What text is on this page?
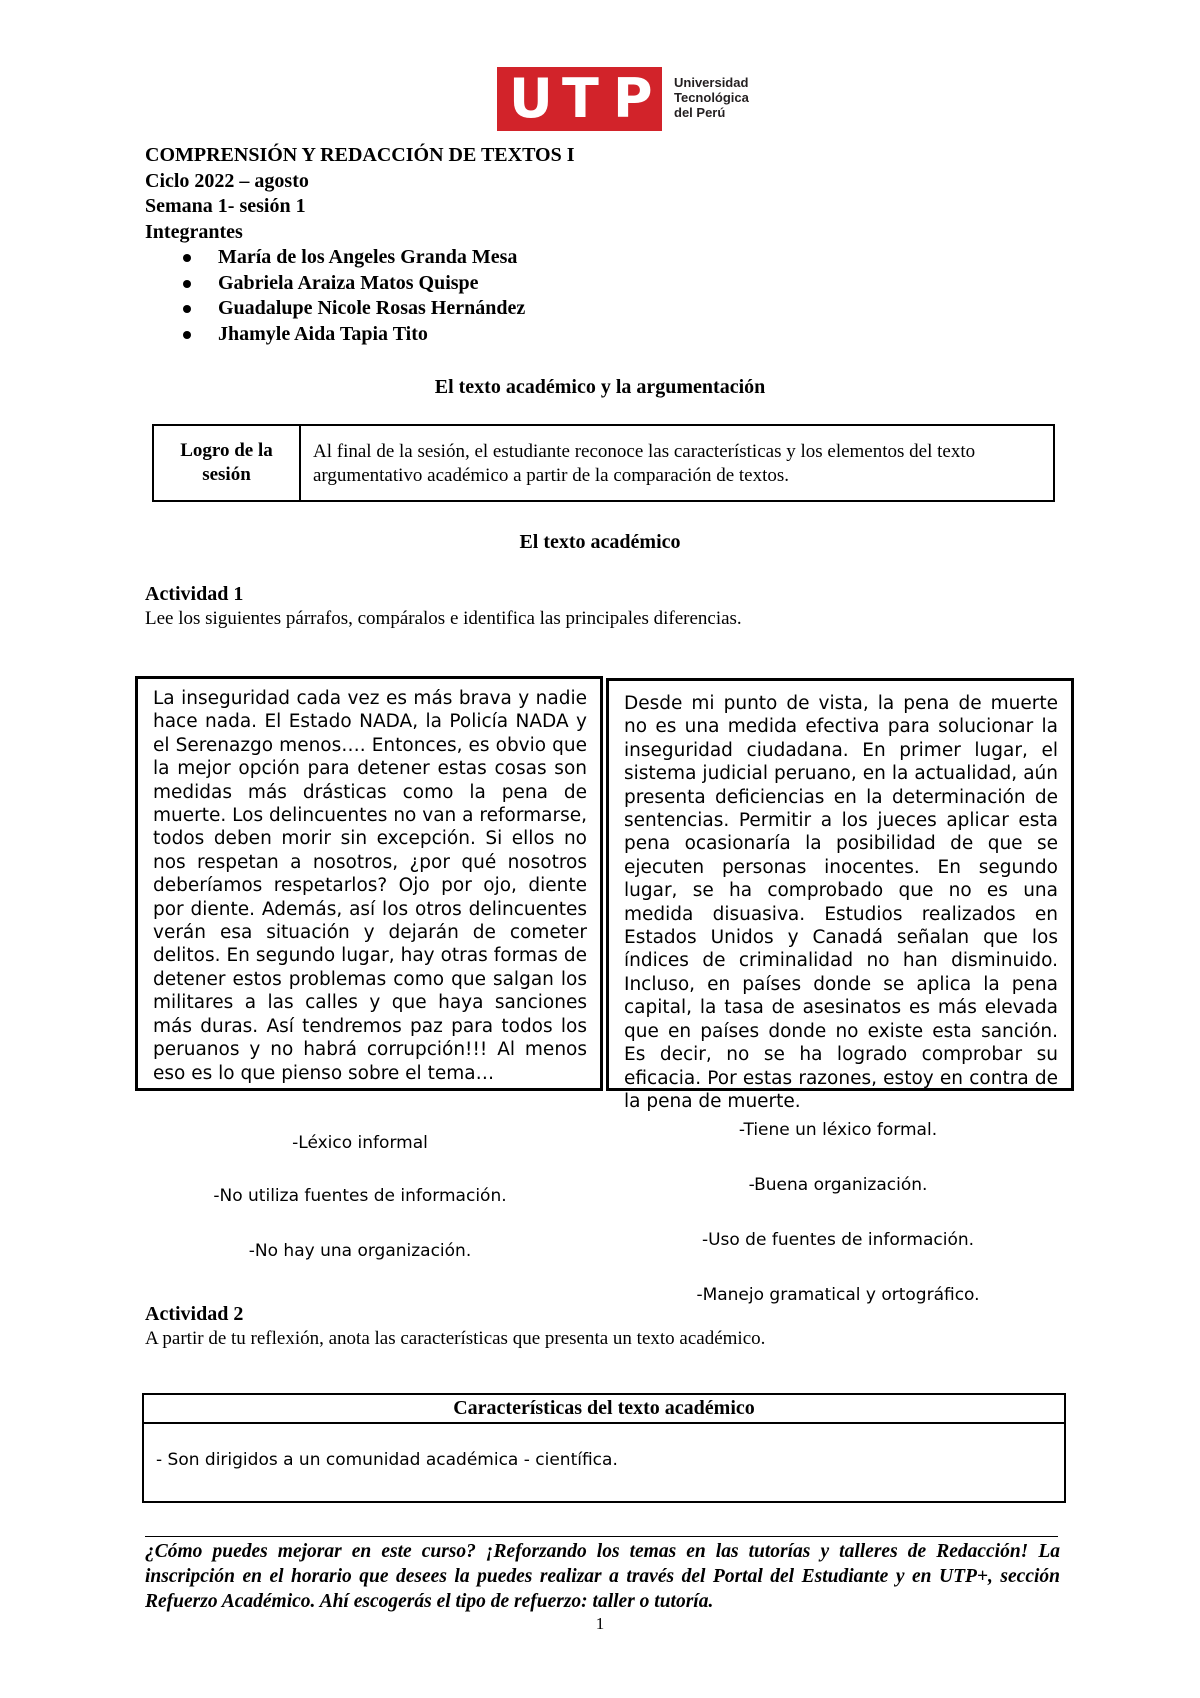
U T P Universidad
Tecnológica
del Perú
COMPRENSIÓN Y REDACCIÓN DE TEXTOS I
Ciclo 2022 – agosto
Semana 1- sesión 1
Integrantes
María de los Angeles Granda Mesa
Gabriela Araiza Matos Quispe
Guadalupe Nicole Rosas Hernández
Jhamyle Aida Tapia Tito
El texto académico y la argumentación
Logro de la sesión
Al final de la sesión, el estudiante reconoce las características y los elementos del texto argumentativo académico a partir de la comparación de textos.
El texto académico
Actividad 1
Lee los siguientes párrafos, compáralos e identifica las principales diferencias.
La inseguridad cada vez es más brava y nadie hace nada. El Estado NADA, la Policía NADA y el Serenazgo menos…. Entonces, es obvio que la mejor opción para detener estas cosas son medidas más drásticas como la pena de muerte. Los delincuentes no van a reformarse, todos deben morir sin excepción. Si ellos no nos respetan a nosotros, ¿por qué nosotros deberíamos respetarlos? Ojo por ojo, diente por diente. Además, así los otros delincuentes verán esa situación y dejarán de cometer delitos. En segundo lugar, hay otras formas de detener estos problemas como que salgan los militares a las calles y que haya sanciones más duras. Así tendremos paz para todos los peruanos y no habrá corrupción!!! Al menos eso es lo que pienso sobre el tema…
Desde mi punto de vista, la pena de muerte no es una medida efectiva para solucionar la inseguridad ciudadana. En primer lugar, el sistema judicial peruano, en la actualidad, aún presenta deficiencias en la determinación de sentencias. Permitir a los jueces aplicar esta pena ocasionaría la posibilidad de que se ejecuten personas inocentes. En segundo lugar, se ha comprobado que no es una medida disuasiva. Estudios realizados en Estados Unidos y Canadá señalan que los índices de criminalidad no han disminuido. Incluso, en países donde se aplica la pena capital, la tasa de asesinatos es más elevada que en países donde no existe esta sanción. Es decir, no se ha logrado comprobar su eficacia. Por estas razones, estoy en contra de la pena de muerte.
-Léxico informal
-No utiliza fuentes de información.
-No hay una organización.
-Tiene un léxico formal.
-Buena organización.
-Uso de fuentes de información.
-Manejo gramatical y ortográfico.
Actividad 2
A partir de tu reflexión, anota las características que presenta un texto académico.
Características del texto académico
- Son dirigidos a un comunidad académica - científica.
¿Cómo puedes mejorar en este curso? ¡Reforzando los temas en las tutorías y talleres de Redacción! La inscripción en el horario que desees la puedes realizar a través del Portal del Estudiante y en UTP+, sección Refuerzo Académico. Ahí escogerás el tipo de refuerzo: taller o tutoría.
1
